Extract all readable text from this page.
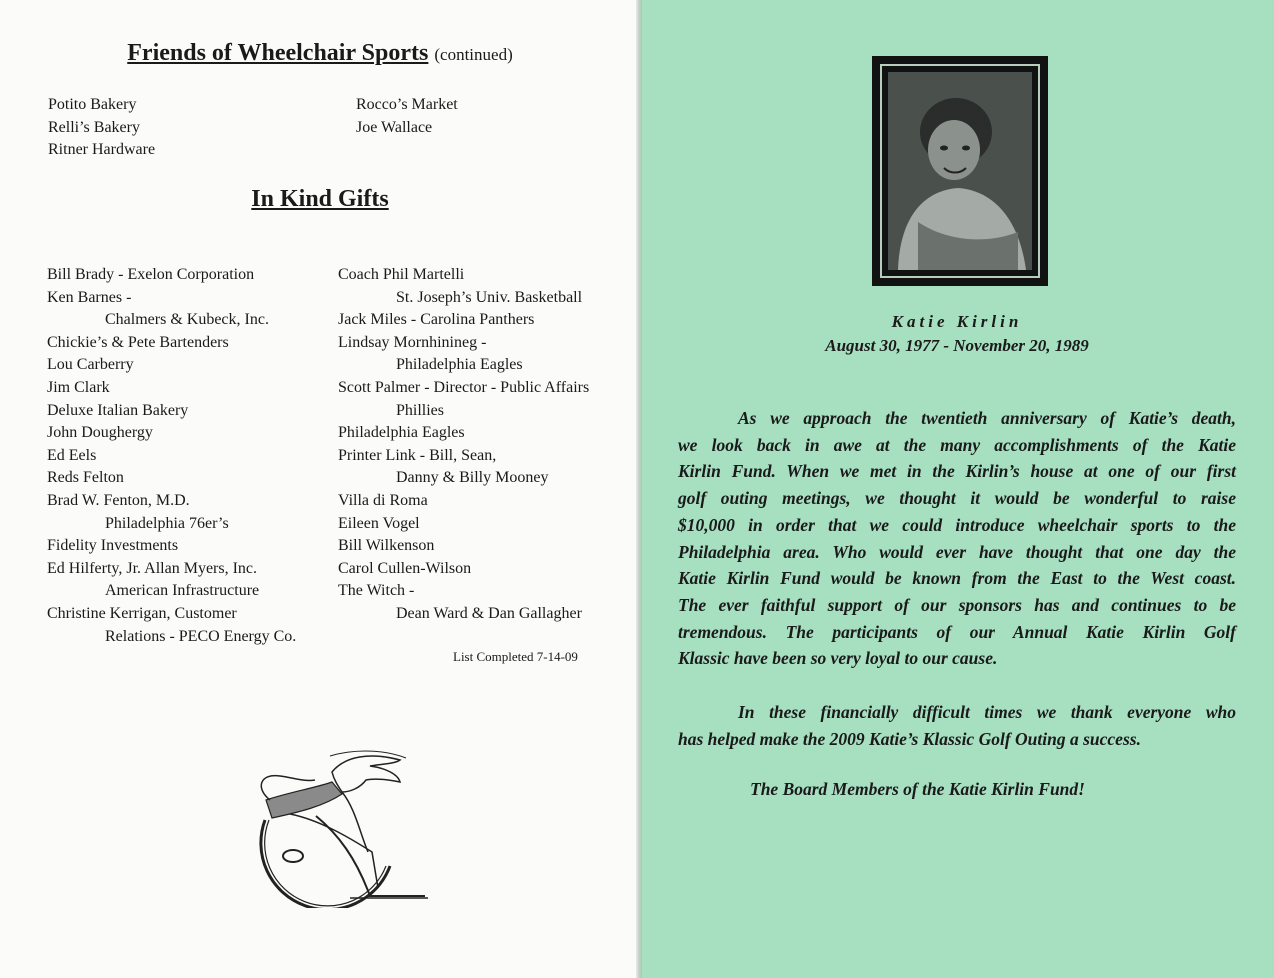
Friends of Wheelchair Sports (continued)
Potito Bakery
Relli’s Bakery
Ritner Hardware
Rocco’s Market
Joe Wallace
In Kind Gifts
Bill Brady - Exelon Corporation
Ken Barnes -
Chalmers & Kubeck, Inc.
Chickie’s & Pete Bartenders
Lou Carberry
Jim Clark
Deluxe Italian Bakery
John Doughergy
Ed Eels
Reds Felton
Brad W. Fenton, M.D.
Philadelphia 76er’s
Fidelity Investments
Ed Hilferty, Jr. Allan Myers, Inc.
American Infrastructure
Christine Kerrigan, Customer
Relations - PECO Energy Co.
Coach Phil Martelli
St. Joseph’s Univ. Basketball
Jack Miles - Carolina Panthers
Lindsay Mornhinineg -
Philadelphia Eagles
Scott Palmer - Director - Public Affairs
Phillies
Philadelphia Eagles
Printer Link - Bill, Sean,
Danny & Billy Mooney
Villa di Roma
Eileen Vogel
Bill Wilkenson
Carol Cullen-Wilson
The Witch -
Dean Ward & Dan Gallagher
List Completed 7-14-09
Katie Kirlin
August 30, 1977 - November 20, 1989
As we approach the twentieth anniversary of Katie’s death,
we look back in awe at the many accomplishments of the Katie
Kirlin Fund. When we met in the Kirlin’s house at one of our first
golf outing meetings, we thought it would be wonderful to raise
$10,000 in order that we could introduce wheelchair sports to the
Philadelphia area. Who would ever have thought that one day the
Katie Kirlin Fund would be known from the East to the West coast.
The ever faithful support of our sponsors has and continues to be
tremendous. The participants of our Annual Katie Kirlin Golf
Klassic have been so very loyal to our cause.
In these financially difficult times we thank everyone who
has helped make the 2009 Katie’s Klassic Golf Outing a success.
The Board Members of the Katie Kirlin Fund!
